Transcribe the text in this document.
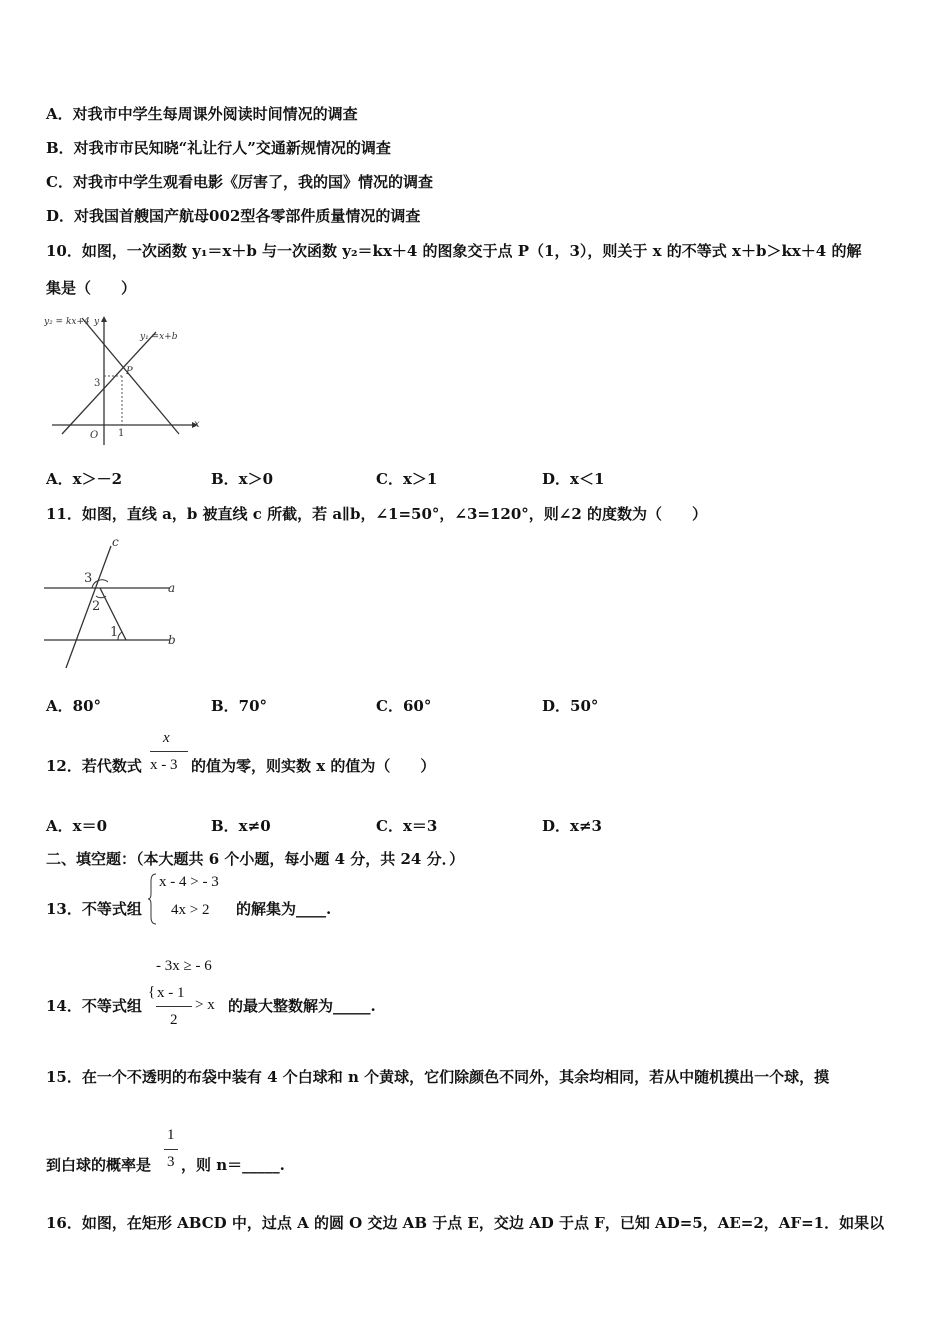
A．对我市中学生每周课外阅读时间情况的调查
B．对我市市民知晓“礼让行人”交通新规情况的调查
C．对我市中学生观看电影《厉害了，我的国》情况的调查
D．对我国首艘国产航母002型各零部件质量情况的调查
10．如图，一次函数 y₁＝x＋b 与一次函数 y₂＝kx＋4 的图象交于点 P（1，3），则关于 x 的不等式 x＋b＞kx＋4 的解
集是（　　）
y₂ = kx+4
y₁ =x+b
y
x
P
3
1
O
A．x＞－2	B．x＞0	C．x＞1	D．x＜1
11．如图，直线 a，b 被直线 c 所截，若 a∥b，∠1=50°，∠3=120°，则∠2 的度数为（　　）
c
a
b
3
2
1
A．80°	B．70°	C．60°	D．50°
12．若代数式
x
x - 3 的值为零，则实数 x 的值为（　　）
A．x＝0	B．x≠0	C．x＝3	D．x≠3
二、填空题：（本大题共 6 个小题，每小题 4 分，共 24 分．）
13．不等式组
x - 4 > - 3
4x > 2 的解集为____.
14．不等式组
- 3x ≥ - 6
{ x - 1
2
> x 的最大整数解为_____.
15．在一个不透明的布袋中装有 4 个白球和 n 个黄球，它们除颜色不同外，其余均相同，若从中随机摸出一个球，摸
到白球的概率是
1
3 ，则 n＝_____.
16．如图，在矩形 ABCD 中，过点 A 的圆 O 交边 AB 于点 E，交边 AD 于点 F，已知 AD=5，AE=2，AF=1．如果以
